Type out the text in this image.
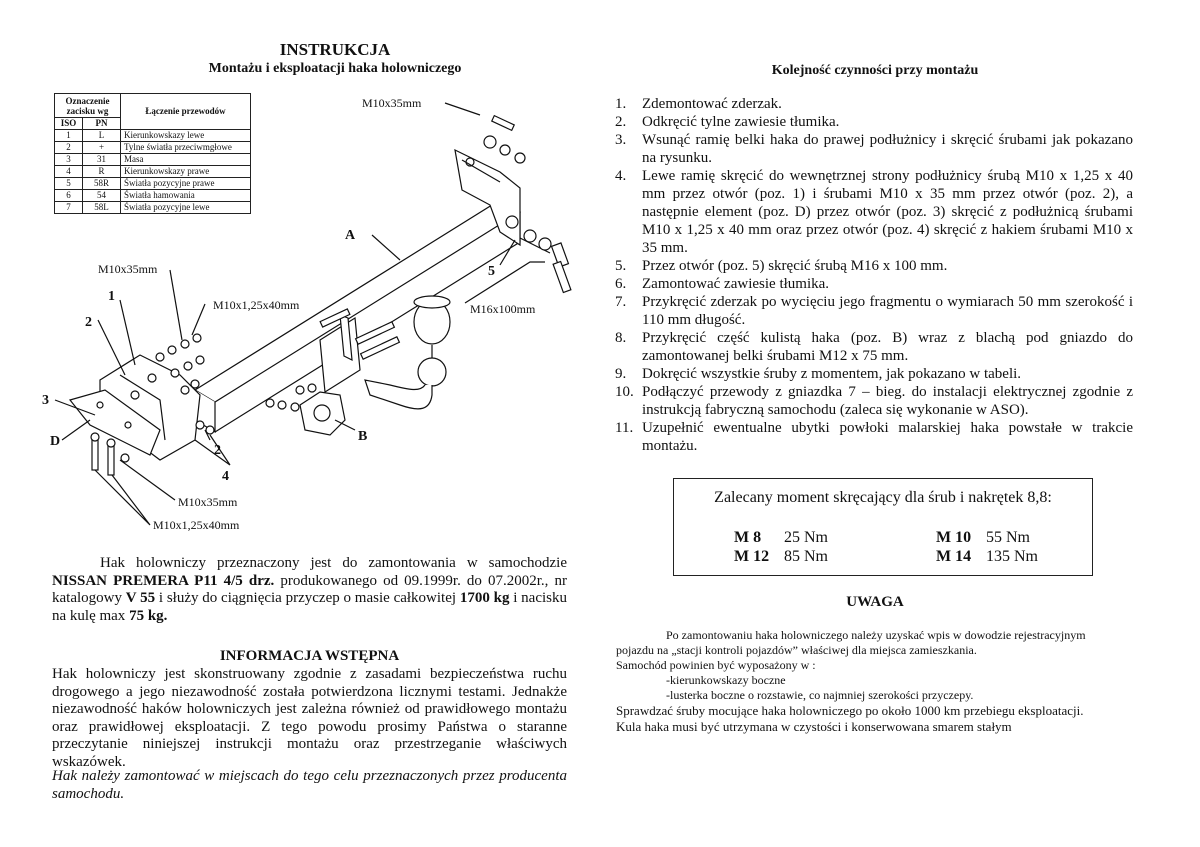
INSTRUKCJA
Montażu i eksploatacji haka holowniczego
Oznaczenie zacisku wg		Łączenie przewodów
ISO	PN	
1	L	Kierunkowskazy lewe
2	+	Tylne światła przeciwmgłowe
3	31	Masa
4	R	Kierunkowskazy prawe
5	58R	Światła pozycyjne prawe
6	54	Światła hamowania
7	58L	Światła pozycyjne lewe
M10x35mm
M10x35mm
M10x1,25x40mm	M16x100mm
M10x35mm
M10x1,25x40mm
A
B
D
1
2
2
3
4
5
Hak holowniczy przeznaczony jest do zamontowania w samochodzie NISSAN PREMERA P11 4/5 drz. produkowanego od 09.1999r. do 07.2002r., nr katalogowy V 55 i służy do ciągnięcia przyczep o masie całkowitej 1700 kg i nacisku na kulę max 75 kg.
INFORMACJA WSTĘPNA
Hak holowniczy jest skonstruowany zgodnie z zasadami bezpieczeństwa ruchu drogowego a jego niezawodność została potwierdzona licznymi testami. Jednakże niezawodność haków holowniczych jest zależna również od prawidłowego montażu oraz prawidłowej eksploatacji. Z tego powodu prosimy Państwa o staranne przeczytanie niniejszej instrukcji montażu oraz przestrzeganie właściwych wskazówek.
Hak należy zamontować w miejscach do tego celu przeznaczonych przez producenta samochodu.
Kolejność czynności przy montażu
1.	Zdemontować zderzak.
2.	Odkręcić tylne zawiesie tłumika.
3.	Wsunąć ramię belki haka do prawej podłużnicy i skręcić śrubami jak pokazano na rysunku.
4.	Lewe ramię skręcić do wewnętrznej strony podłużnicy śrubą M10 x 1,25 x 40 mm przez otwór (poz. 1) i śrubami M10 x 35 mm przez otwór (poz. 2), a następnie element (poz. D) przez otwór (poz. 3) skręcić z podłużnicą śrubami M10 x 1,25 x 40 mm oraz przez otwór (poz. 4) skręcić z hakiem śrubami M10 x 35 mm.
5.	Przez otwór (poz. 5) skręcić śrubą M16 x 100 mm.
6.	Zamontować zawiesie tłumika.
7.	Przykręcić zderzak po wycięciu jego fragmentu o wymiarach 50 mm szerokość i 110 mm długość.
8.	Przykręcić część kulistą haka (poz. B) wraz z blachą pod gniazdo do zamontowanej belki śrubami M12 x 75 mm.
9.	Dokręcić wszystkie śruby z momentem, jak pokazano w tabeli.
10. Podłączyć przewody z gniazdka 7 – bieg. do instalacji elektrycznej zgodnie z instrukcją fabryczną samochodu (zaleca się wykonanie w ASO).
11. Uzupełnić ewentualne ubytki powłoki malarskiej haka powstałe w trakcie montażu.
Zalecany moment skręcający dla śrub i nakrętek 8,8:
M 8 25 Nm	M 10 55 Nm
M 12 85 Nm	M 14 135 Nm
UWAGA
Po zamontowaniu haka holowniczego należy uzyskać wpis w dowodzie rejestracyjnym
pojazdu na „stacji kontroli pojazdów” właściwej dla miejsca zamieszkania.
Samochód powinien być wyposażony w :
-kierunkowskazy boczne
-lusterka boczne o rozstawie, co najmniej szerokości przyczepy.
Sprawdzać śruby mocujące haka holowniczego po około 1000 km przebiegu eksploatacji.
Kula haka musi być utrzymana w czystości i konserwowana smarem stałym
